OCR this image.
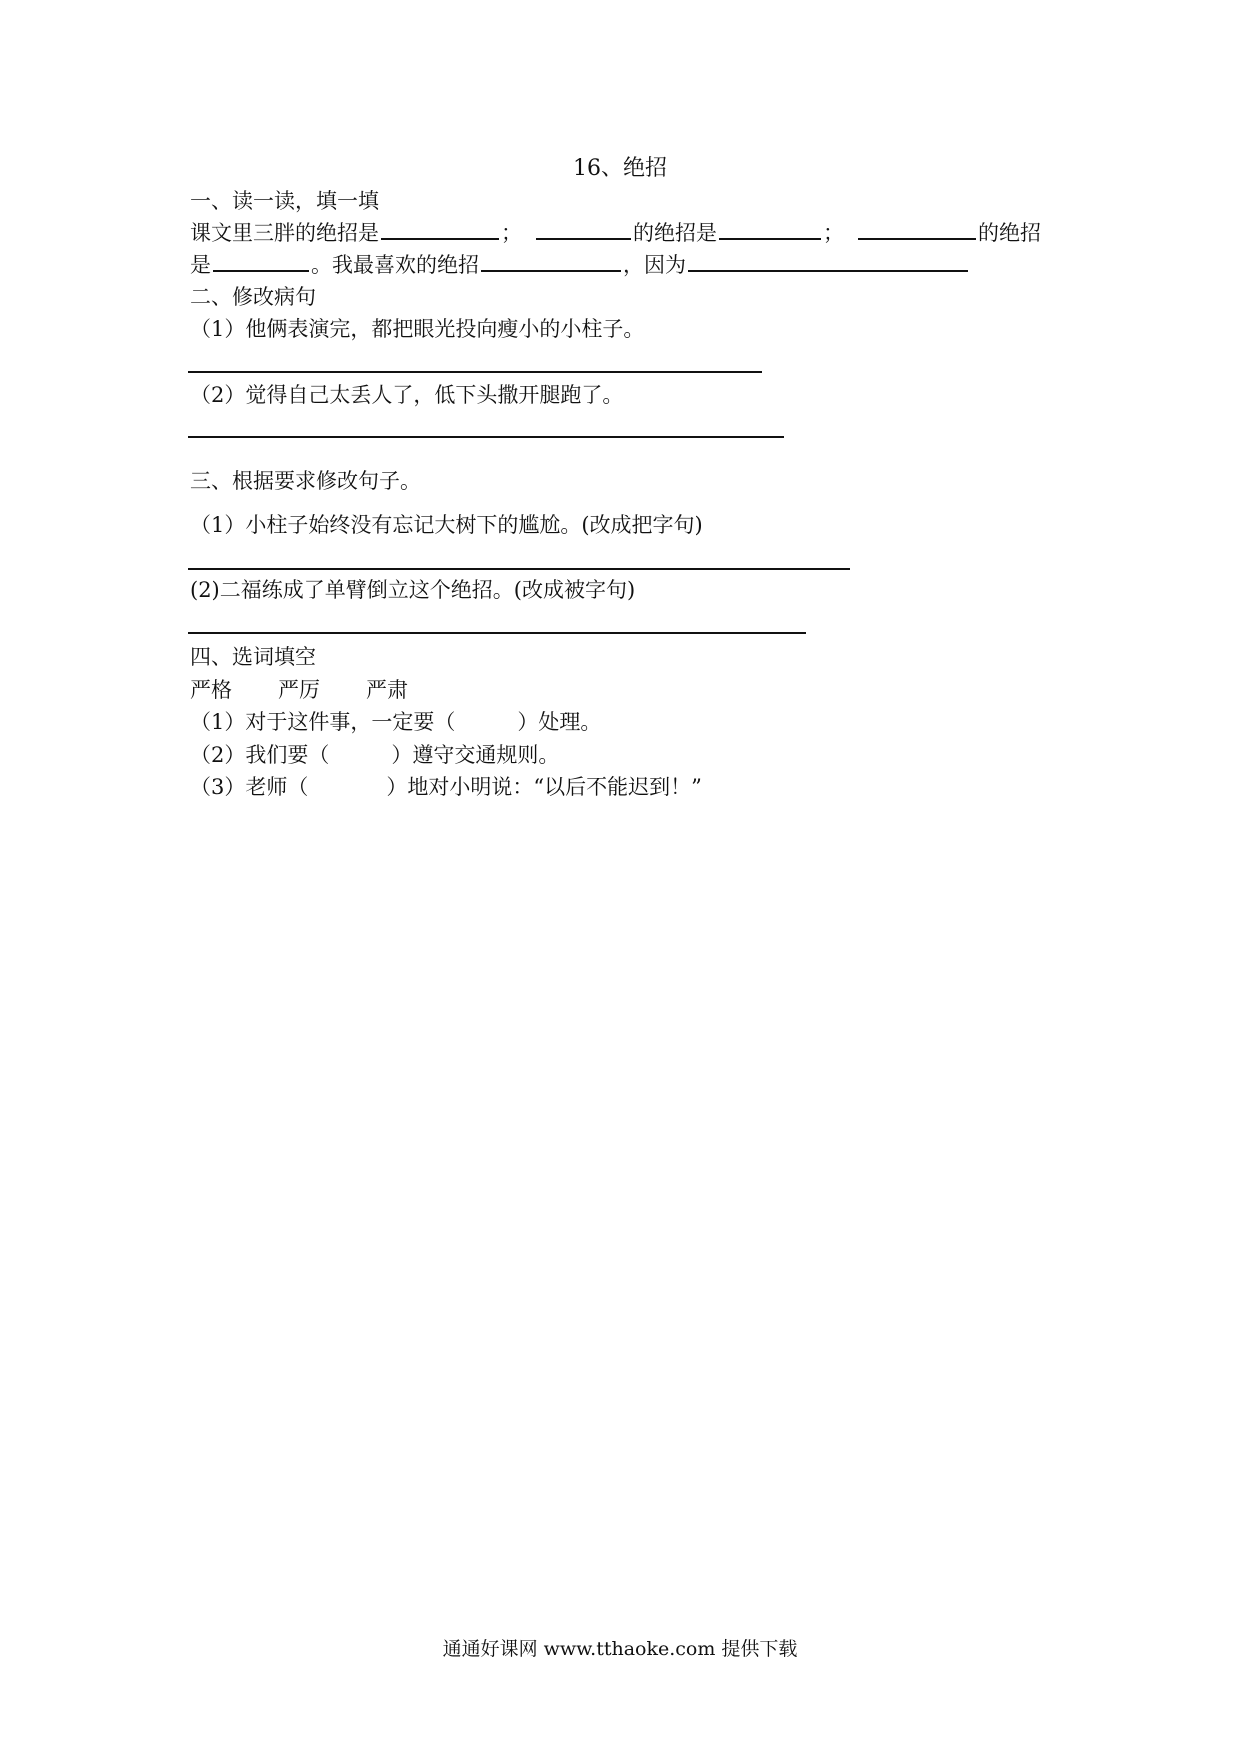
16、绝招
一、读一读，填一填
课文里三胖的绝招是	；	的绝招是	；	的绝招
是	。我最喜欢的绝招	，因为
二、修改病句
（1）他俩表演完，都把眼光投向瘦小的小柱子。
（2）觉得自己太丢人了，低下头撒开腿跑了。
三、根据要求修改句子。
（1）小柱子始终没有忘记大树下的尴尬。(改成把字句)
(2)二福练成了单臂倒立这个绝招。(改成被字句)
四、选词填空
严格 严厉 严肃
（1）对于这件事，一定要（	）处理。
（2）我们要（	）遵守交通规则。
（3）老师（	）地对小明说：“以后不能迟到！”
通通好课网 www.tthaoke.com 提供下载
